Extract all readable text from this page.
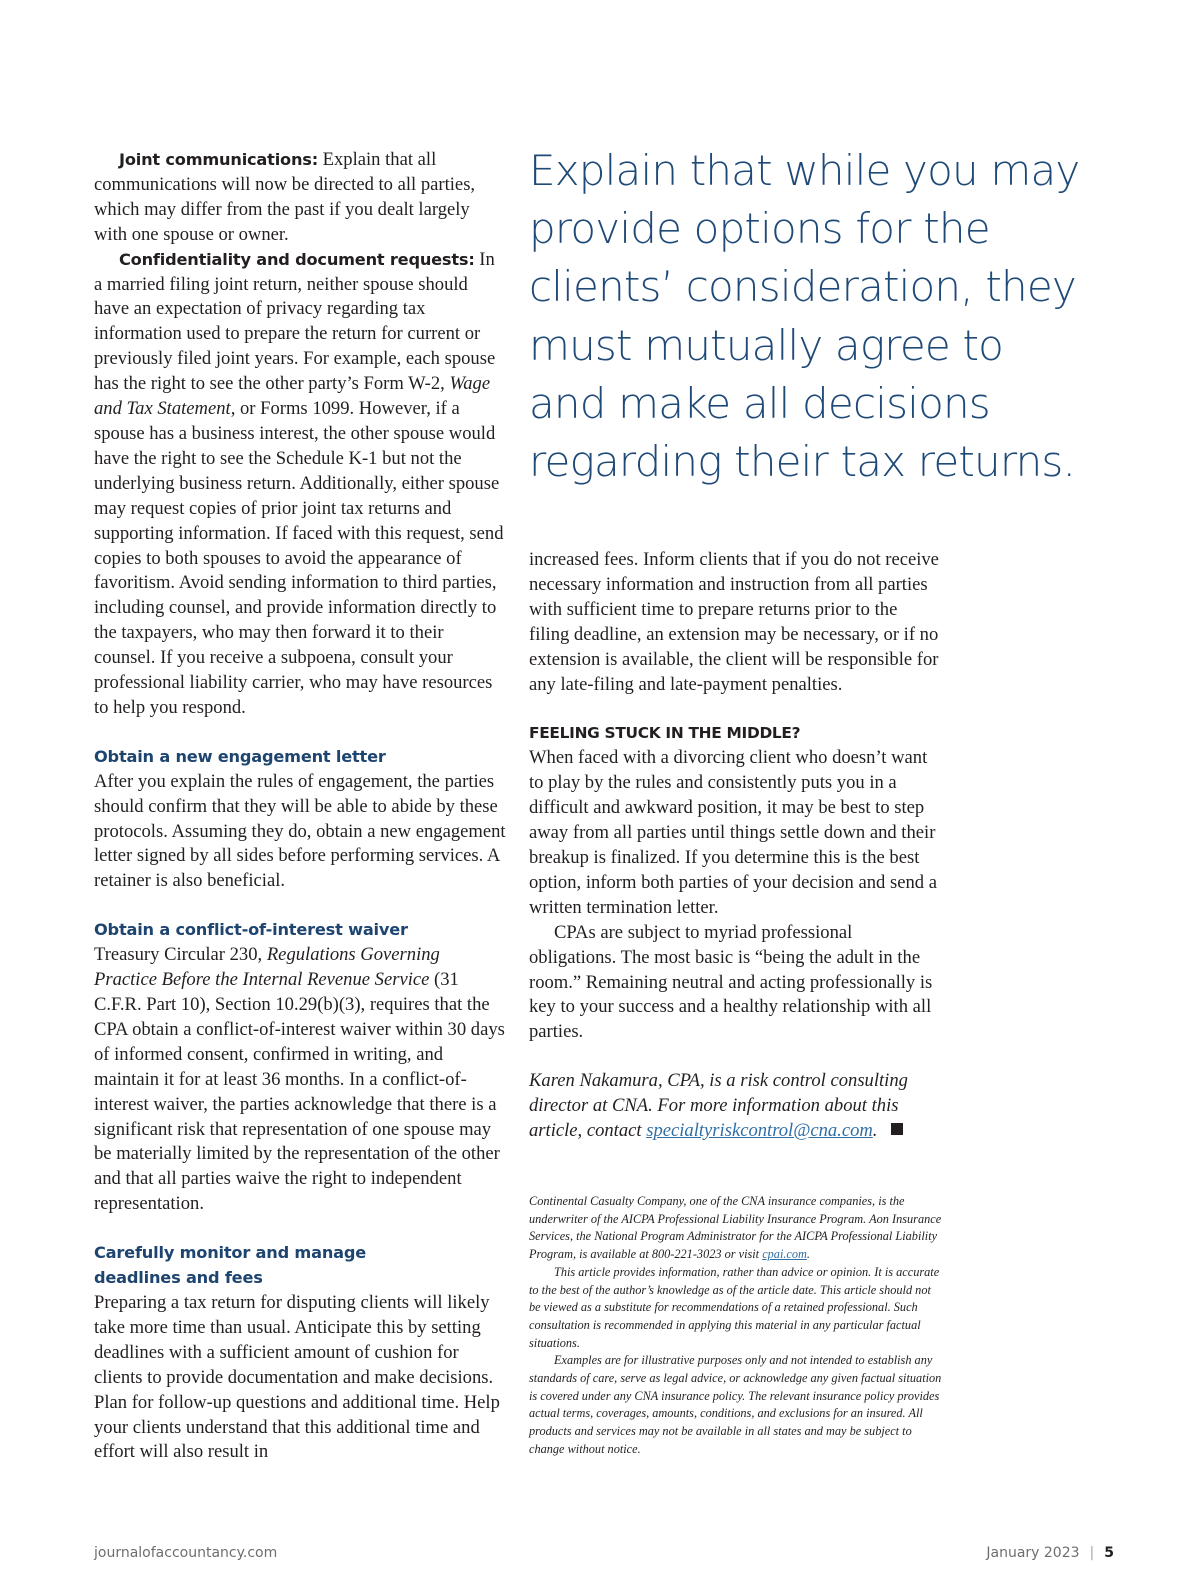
Joint communications: Explain that all communications will now be directed to all parties, which may differ from the past if you dealt largely with one spouse or owner.

Confidentiality and document requests: In a married filing joint return, neither spouse should have an expectation of privacy regarding tax information used to prepare the return for current or previously filed joint years. For example, each spouse has the right to see the other party’s Form W-2, Wage and Tax Statement, or Forms 1099. However, if a spouse has a business interest, the other spouse would have the right to see the Schedule K-1 but not the underlying business return. Additionally, either spouse may request copies of prior joint tax returns and supporting information. If faced with this request, send copies to both spouses to avoid the appearance of favoritism. Avoid sending information to third parties, including counsel, and provide information directly to the taxpayers, who may then forward it to their counsel. If you receive a subpoena, consult your professional liability carrier, who may have resources to help you respond.

Obtain a new engagement letter

After you explain the rules of engagement, the parties should confirm that they will be able to abide by these protocols. Assuming they do, obtain a new engagement letter signed by all sides before performing services. A retainer is also beneficial.

Obtain a conflict-of-interest waiver

Treasury Circular 230, Regulations Governing Practice Before the Internal Revenue Service (31 C.F.R. Part 10), Section 10.29(b)(3), requires that the CPA obtain a conflict-of-interest waiver within 30 days of informed consent, confirmed in writing, and maintain it for at least 36 months. In a conflict-of-interest waiver, the parties acknowledge that there is a significant risk that representation of one spouse may be materially limited by the representation of the other and that all parties waive the right to independent representation.

Carefully monitor and manage deadlines and fees

Preparing a tax return for disputing clients will likely take more time than usual. Anticipate this by setting deadlines with a sufficient amount of cushion for clients to provide documentation and make decisions. Plan for follow-up questions and additional time. Help your clients understand that this additional time and effort will also result in

Explain that while you may provide options for the clients’ consideration, they must mutually agree to and make all decisions regarding their tax returns.

increased fees. Inform clients that if you do not receive necessary information and instruction from all parties with sufficient time to prepare returns prior to the filing deadline, an extension may be necessary, or if no extension is available, the client will be responsible for any late-filing and late-payment penalties.

FEELING STUCK IN THE MIDDLE?

When faced with a divorcing client who doesn’t want to play by the rules and consistently puts you in a difficult and awkward position, it may be best to step away from all parties until things settle down and their breakup is finalized. If you determine this is the best option, inform both parties of your decision and send a written termination letter.

CPAs are subject to myriad professional obligations. The most basic is “being the adult in the room.” Remaining neutral and acting professionally is key to your success and a healthy relationship with all parties.

Karen Nakamura, CPA, is a risk control consulting director at CNA. For more information about this article, contact specialtyriskcontrol@cna.com.

Continental Casualty Company, one of the CNA insurance companies, is the underwriter of the AICPA Professional Liability Insurance Program. Aon Insurance Services, the National Program Administrator for the AICPA Professional Liability Program, is available at 800-221-3023 or visit cpai.com.

This article provides information, rather than advice or opinion. It is accurate to the best of the author’s knowledge as of the article date. This article should not be viewed as a substitute for recommendations of a retained professional. Such consultation is recommended in applying this material in any particular factual situations.

Examples are for illustrative purposes only and not intended to establish any standards of care, serve as legal advice, or acknowledge any given factual situation is covered under any CNA insurance policy. The relevant insurance policy provides actual terms, coverages, amounts, conditions, and exclusions for an insured. All products and services may not be available in all states and may be subject to change without notice.

journalofaccountancy.com	January 2023 | 5
